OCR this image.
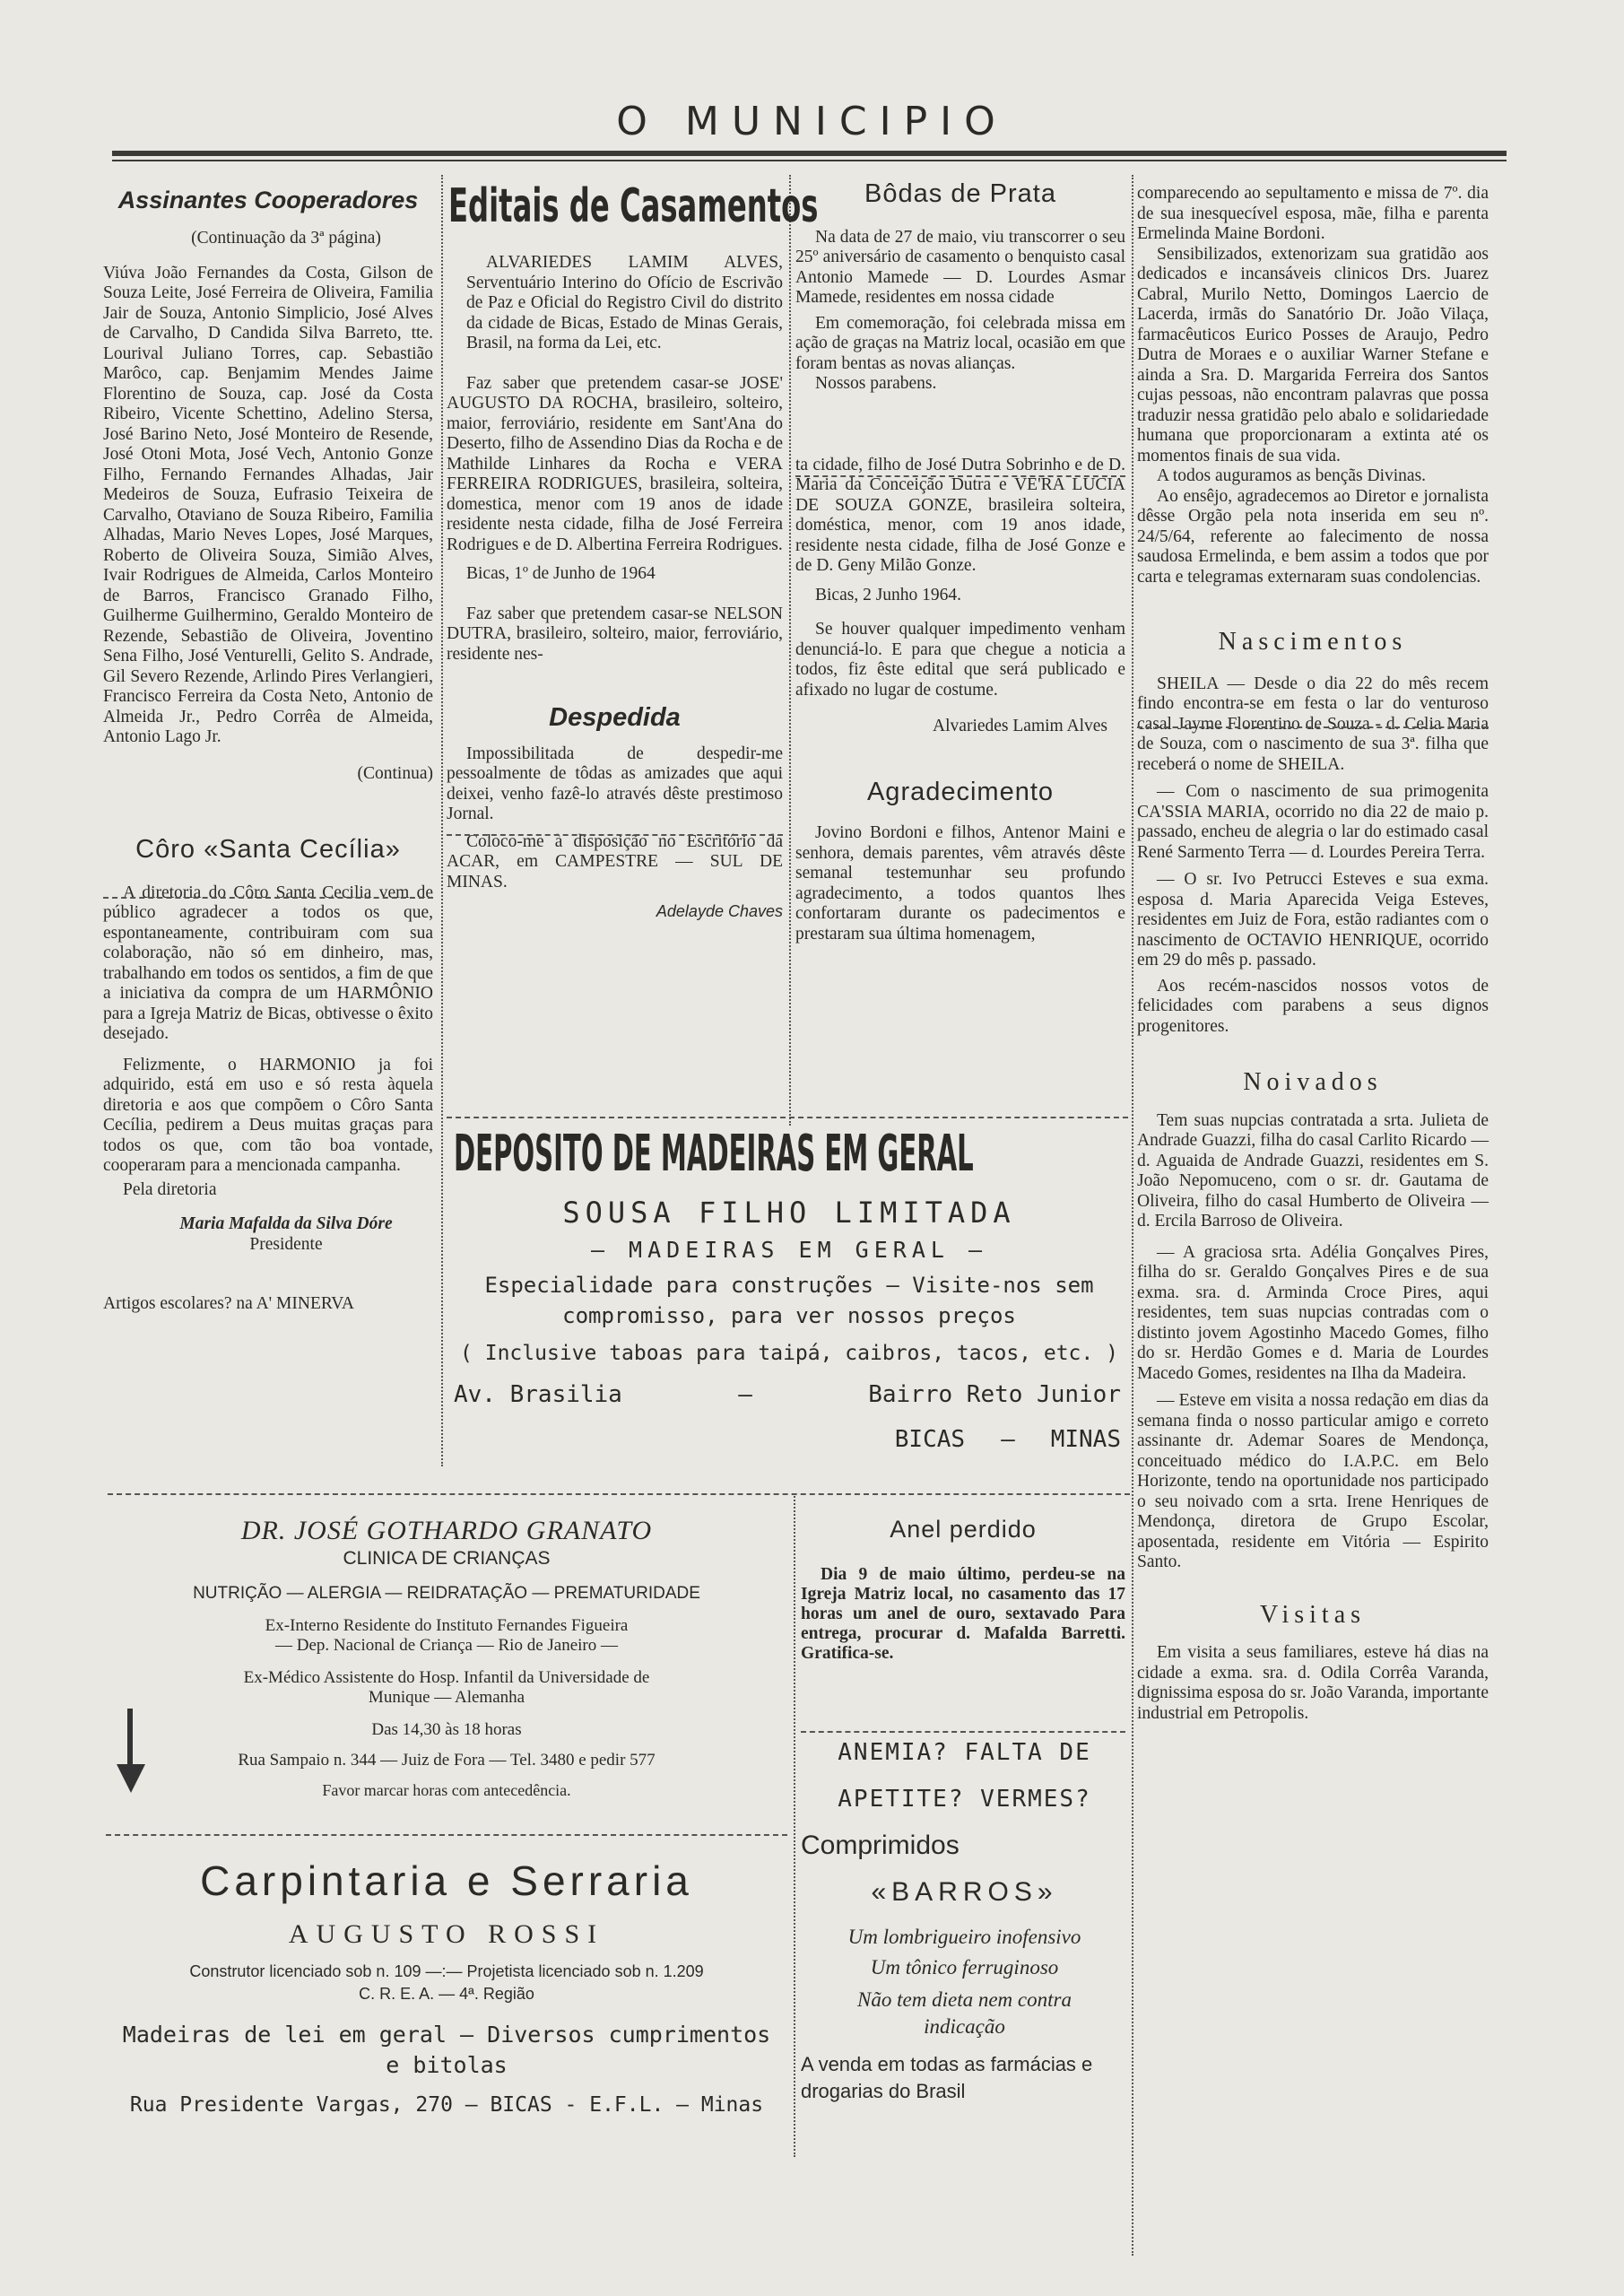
O MUNICIPIO
Assinantes Cooperadores
(Continuação da 3ª página)

Viúva João Fernandes da Costa, Gilson de Souza Leite, José Ferreira de Oliveira, Familia Jair de Souza, Antonio Simplicio, José Alves de Carvalho, D Candida Silva Barreto, tte. Lourival Juliano Torres, cap. Sebastião Marôco, cap. Benjamim Mendes Jaime Florentino de Souza, cap. José da Costa Ribeiro, Vicente Schettino, Adelino Stersa, José Barino Neto, José Monteiro de Resende, José Otoni Mota, José Vech, Antonio Gonze Filho, Fernando Fernandes Alhadas, Jair Medeiros de Souza, Eufrasio Teixeira de Carvalho, Otaviano de Souza Ribeiro, Familia Alhadas, Mario Neves Lopes, José Marques, Roberto de Oliveira Souza, Simião Alves, Ivair Rodrigues de Almeida, Carlos Monteiro de Barros, Francisco Granado Filho, Guilherme Guilhermino, Geraldo Monteiro de Rezende, Sebastião de Oliveira, Joventino Sena Filho, José Venturelli, Gelito S. Andrade, Gil Severo Rezende, Arlindo Pires Verlangieri, Francisco Ferreira da Costa Neto, Antonio de Almeida Jr., Pedro Corrêa de Almeida, Antonio Lago Jr.

(Continua)
Côro «Santa Cecília»

A diretoria do Côro Santa Cecilia vem de público agradecer a todos os que, espontaneamente, contribuiram com sua colaboração, não só em dinheiro, mas, trabalhando em todos os sentidos, a fim de que a iniciativa da compra de um HARMÔNIO para a Igreja Matriz de Bicas, obtivesse o êxito desejado.

Felizmente, o HARMONIO ja foi adquirido, está em uso e só resta àquela diretoria e aos que compõem o Côro Santa Cecília, pedirem a Deus muitas graças para todos os que, com tão boa vontade, cooperaram para a mencionada campanha.

Pela diretoria

Maria Mafalda da Silva Dóre
Presidente
Artigos escolares? na A' MINERVA
Editais de Casamentos

ALVARIEDES LAMIM ALVES, Serventuário Interino do Ofício de Escrivão de Paz e Oficial do Registro Civil do distrito da cidade de Bicas, Estado de Minas Gerais, Brasil, na forma da Lei, etc.

Faz saber que pretendem casar-se JOSE' AUGUSTO DA ROCHA, brasileiro, solteiro, maior, ferroviário, residente em Sant'Ana do Deserto, filho de Assendino Dias da Rocha e de Mathilde Linhares da Rocha e VERA FERREIRA RODRIGUES, brasileira, solteira, domestica, menor com 19 anos de idade residente nesta cidade, filha de José Ferreira Rodrigues e de D. Albertina Ferreira Rodrigues.

Bicas, 1º de Junho de 1964

Faz saber que pretendem casar-se NELSON DUTRA, brasileiro, solteiro, maior, ferroviário, residente nes-

Despedida

Impossibilitada de despedir-me pessoalmente de tôdas as amizades que aqui deixei, venho fazê-lo através dêste prestimoso Jornal.

Coloco-me à disposição no Escritório da ACAR, em CAMPESTRE — SUL DE MINAS.

Adelayde Chaves
Bôdas de Prata

Na data de 27 de maio, viu transcorrer o seu 25º aniversário de casamento o benquisto casal Antonio Mamede — D. Lourdes Asmar Mamede, residentes em nossa cidade

Em comemoração, foi celebrada missa em ação de graças na Matriz local, ocasião em que foram bentas as novas alianças.

Nossos parabens.

ta cidade, filho de José Dutra Sobrinho e de D. Maria da Conceição Dutra e VE'RA LUCIA DE SOUZA GONZE, brasileira solteira, doméstica, menor, com 19 anos idade, residente nesta cidade, filha de José Gonze e de D. Geny Milão Gonze.

Bicas, 2 Junho 1964.

Se houver qualquer impedimento venham denunciá-lo. E para que chegue a noticia a todos, fiz êste edital que será publicado e afixado no lugar de costume.

Alvariedes Lamim Alves
Agradecimento

Jovino Bordoni e filhos, Antenor Maini e senhora, demais parentes, vêm através dêste semanal testemunhar seu profundo agradecimento, a todos quantos lhes confortaram durante os padecimentos e prestaram sua última homenagem,

comparecendo ao sepultamento e missa de 7º. dia de sua inesquecível esposa, mãe, filha e parenta Ermelinda Maine Bordoni.

Sensibilizados, extenorizam sua gratidão aos dedicados e incansáveis clinicos Drs. Juarez Cabral, Murilo Netto, Domingos Laercio de Lacerda, irmãs do Sanatório Dr. João Vilaça, farmacêuticos Eurico Posses de Araujo, Pedro Dutra de Moraes e o auxiliar Warner Stefane e ainda a Sra. D. Margarida Ferreira dos Santos cujas pessoas, não encontram palavras que possa traduzir nessa gratidão pelo abalo e solidariedade humana que proporcionaram a extinta até os momentos finais de sua vida.

A todos auguramos as bençãs Divinas.

Ao ensêjo, agradecemos ao Diretor e jornalista dêsse Orgão pela nota inserida em seu nº. 24/5/64, referente ao falecimento de nossa saudosa Ermelinda, e bem assim a todos que por carta e telegramas externaram suas condolencias.

Nascimentos

SHEILA — Desde o dia 22 do mês recem findo encontra-se em festa o lar do venturoso casal Jayme Florentino de Souza - d. Celia Maria de Souza, com o nascimento de sua 3ª. filha que receberá o nome de SHEILA.

— Com o nascimento de sua primogenita CA'SSIA MARIA, ocorrido no dia 22 de maio p. passado, encheu de alegria o lar do estimado casal René Sarmento Terra — d. Lourdes Pereira Terra.

— O sr. Ivo Petrucci Esteves e sua exma. esposa d. Maria Aparecida Veiga Esteves, residentes em Juiz de Fora, estão radiantes com o nascimento de OCTAVIO HENRIQUE, ocorrido em 29 do mês p. passado.

Aos recém-nascidos nossos votos de felicidades com parabens a seus dignos progenitores.

Noivados

Tem suas nupcias contratada a srta. Julieta de Andrade Guazzi, filha do casal Carlito Ricardo — d. Aguaida de Andrade Guazzi, residentes em S. João Nepomuceno, com o sr. dr. Gautama de Oliveira, filho do casal Humberto de Oliveira — d. Ercila Barroso de Oliveira.

— A graciosa srta. Adélia Gonçalves Pires, filha do sr. Geraldo Gonçalves Pires e de sua exma. sra. d. Arminda Croce Pires, aqui residentes, tem suas nupcias contradas com o distinto jovem Agostinho Macedo Gomes, filho do sr. Herdão Gomes e d. Maria de Lourdes Macedo Gomes, residentes na Ilha da Madeira.

— Esteve em visita a nossa redação em dias da semana finda o nosso particular amigo e correto assinante dr. Ademar Soares de Mendonça, conceituado médico do I.A.P.C. em Belo Horizonte, tendo na oportunidade nos participado o seu noivado com a srta. Irene Henriques de Mendonça, diretora de Grupo Escolar, aposentada, residente em Vitória — Espirito Santo.

Visitas

Em visita a seus familiares, esteve há dias na cidade a exma. sra. d. Odila Corrêa Varanda, dignissima esposa do sr. João Varanda, importante industrial em Petropolis.

DEPOSITO DE MADEIRAS EM GERAL
SOUSA FILHO LIMITADA
— MADEIRAS EM GERAL —
Especialidade para construções — Visite-nos sem compromisso, para ver nossos preços
( Inclusive taboas para taipá, caibros, tacos, etc. )
Av. Brasilia	—	Bairro Reto Junior
BICAS — MINAS
DR. JOSÉ GOTHARDO GRANATO
CLINICA DE CRIANÇAS
NUTRIÇÃO — ALERGIA — REIDRATAÇÃO — PREMATURIDADE
Ex-Interno Residente do Instituto Fernandes Figueira
— Dep. Nacional de Criança — Rio de Janeiro —
Ex-Médico Assistente do Hosp. Infantil da Universidade de
Munique — Alemanha
Das 14,30 às 18 horas
Rua Sampaio n. 344 — Juiz de Fora — Tel. 3480 e pedir 577
Favor marcar horas com antecedência.
Anel perdido

Dia 9 de maio último, perdeu-se na Igreja Matriz local, no casamento das 17 horas um anel de ouro, sextavado Para entrega, procurar d. Mafalda Barretti. Gratifica-se.

Carpintaria e Serraria
AUGUSTO ROSSI
Construtor licenciado sob n. 109 —:— Projetista licenciado sob n. 1.209
C. R. E. A. — 4ª. Região
Madeiras de lei em geral — Diversos cumprimentos e bitolas
Rua Presidente Vargas, 270 — BICAS - E.F.L. — Minas
ANEMIA? FALTA DE
APETITE? VERMES?
Comprimidos
«BARROS»
Um lombrigueiro inofensivo
Um tônico ferruginoso
Não tem dieta nem contra indicação
A venda em todas as farmácias e drogarias do Brasil
